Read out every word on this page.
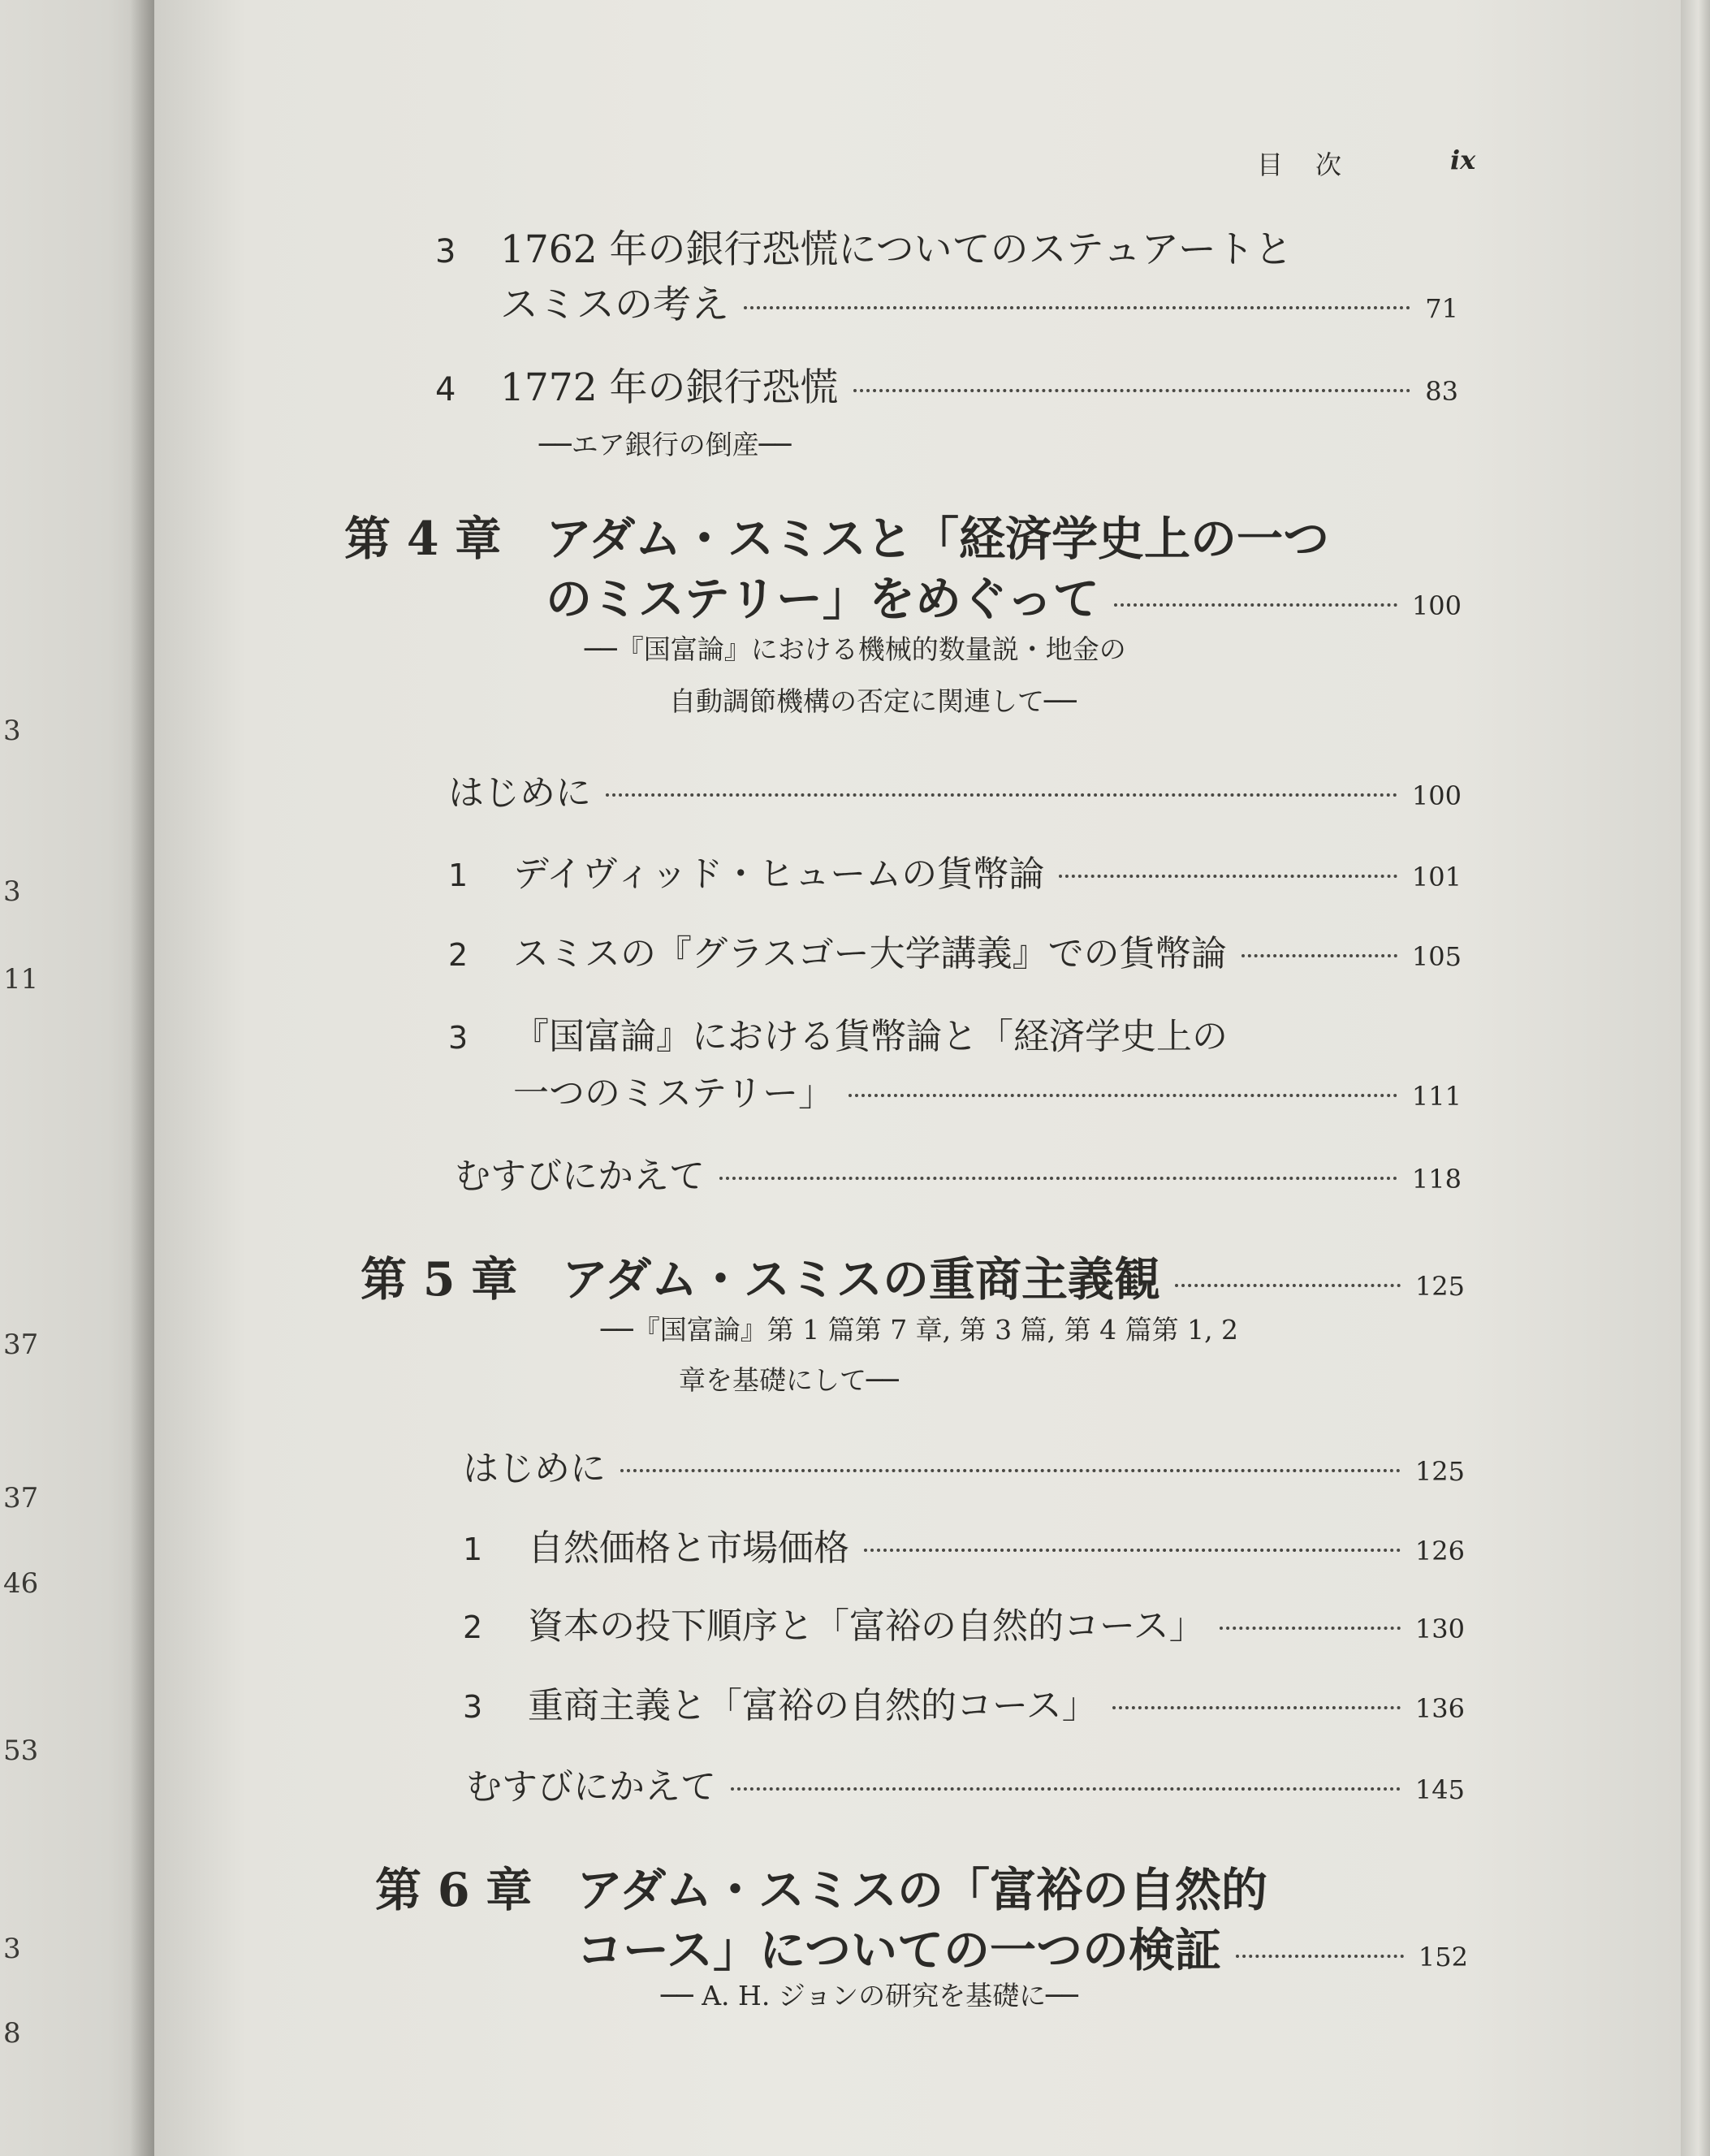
3
3
11
37
37
46
53
3
8
目　次	ix
3	1762 年の銀行恐慌についてのステュアートと
スミスの考え	71
4	1772 年の銀行恐慌	83
──エア銀行の倒産──
第 4 章 アダム・スミスと「経済学史上の一つ
のミステリー」をめぐって	100
──『国富論』における機械的数量説・地金の
自動調節機構の否定に関連して──
はじめに	100
1	デイヴィッド・ヒュームの貨幣論	101
2	スミスの『グラスゴー大学講義』での貨幣論	105
3	『国富論』における貨幣論と「経済学史上の
一つのミステリー」	111
むすびにかえて	118
第 5 章 アダム・スミスの重商主義観	125
──『国富論』第 1 篇第 7 章, 第 3 篇, 第 4 篇第 1, 2
章を基礎にして──
はじめに	125
1	自然価格と市場価格	126
2	資本の投下順序と「富裕の自然的コース」	130
3	重商主義と「富裕の自然的コース」	136
むすびにかえて	145
第 6 章 アダム・スミスの「富裕の自然的
コース」についての一つの検証	152
── A. H. ジョンの研究を基礎に──
